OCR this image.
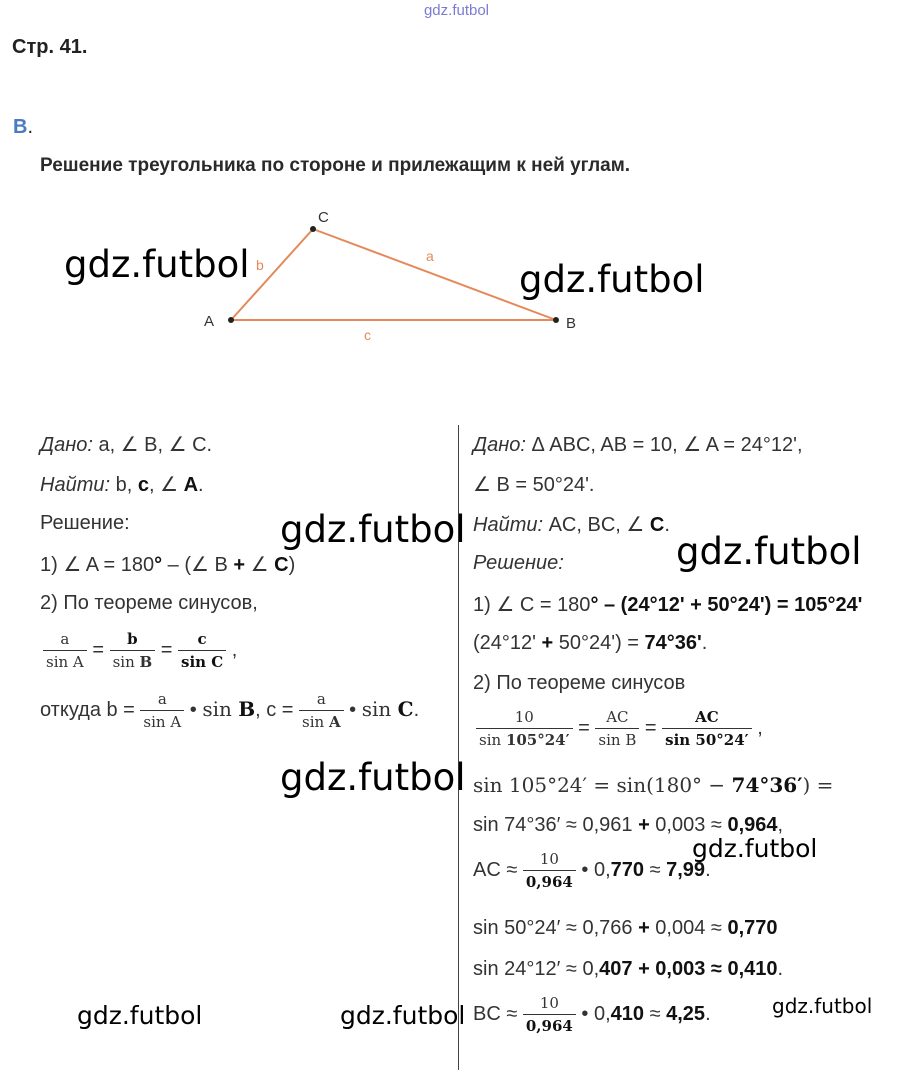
gdz.futbol
Стр. 41.
В.
Решение треугольника по стороне и прилежащим к ней углам.
A	B
C
a
b
c
Дано: a, ∠ B, ∠ C.
Найти: b, c, ∠ A.
Решение:
1) ∠ A = 180° – (∠ B + ∠ C)
2) По теореме синусов,
$\frac{a}{\text{sin A}} = \frac{b}{\text{sin B}} = \frac{c}{\text{sin C}}$ ,
откуда $b = \frac{a}{\text{sin A}}$ • sin B, $c = \frac{a}{\text{sin A}}$ • sin C.
Дано: Δ ABC, AB = 10, ∠ A = 24°12',
∠ B = 50°24'.
Найти: AC, BC, ∠ C.
Решение:
1) ∠ C = 180° – (24°12' + 50°24') = 105°24'
(24°12' + 50°24') = 74°36'.
2) По теореме синусов
$\frac{10}{\sin 105^\circ 24'} = \frac{AC}{\text{sin B}} = \frac{AC}{\sin 50^\circ 24'}$ ,
sin 105°24′ = sin(180° − 74°36′) =
sin 74°36′ ≈ 0,961 + 0,003 ≈ 0,964,
AC ≈ $\frac{10}{0,964}$ • 0,770 ≈ 7,99.
sin 50°24′ ≈ 0,766 + 0,004 ≈ 0,770
sin 24°12′ ≈ 0,407 + 0,003 ≈ 0,410.
BC ≈ $\frac{10}{0,964}$ • 0,410 ≈ 4,25.
gdz.futbol	gdz.futbol
gdz.futbol
gdz.futbol
gdz.futbol
gdz.futbol
gdz.futbol	gdz.futbol	gdz.futbol
